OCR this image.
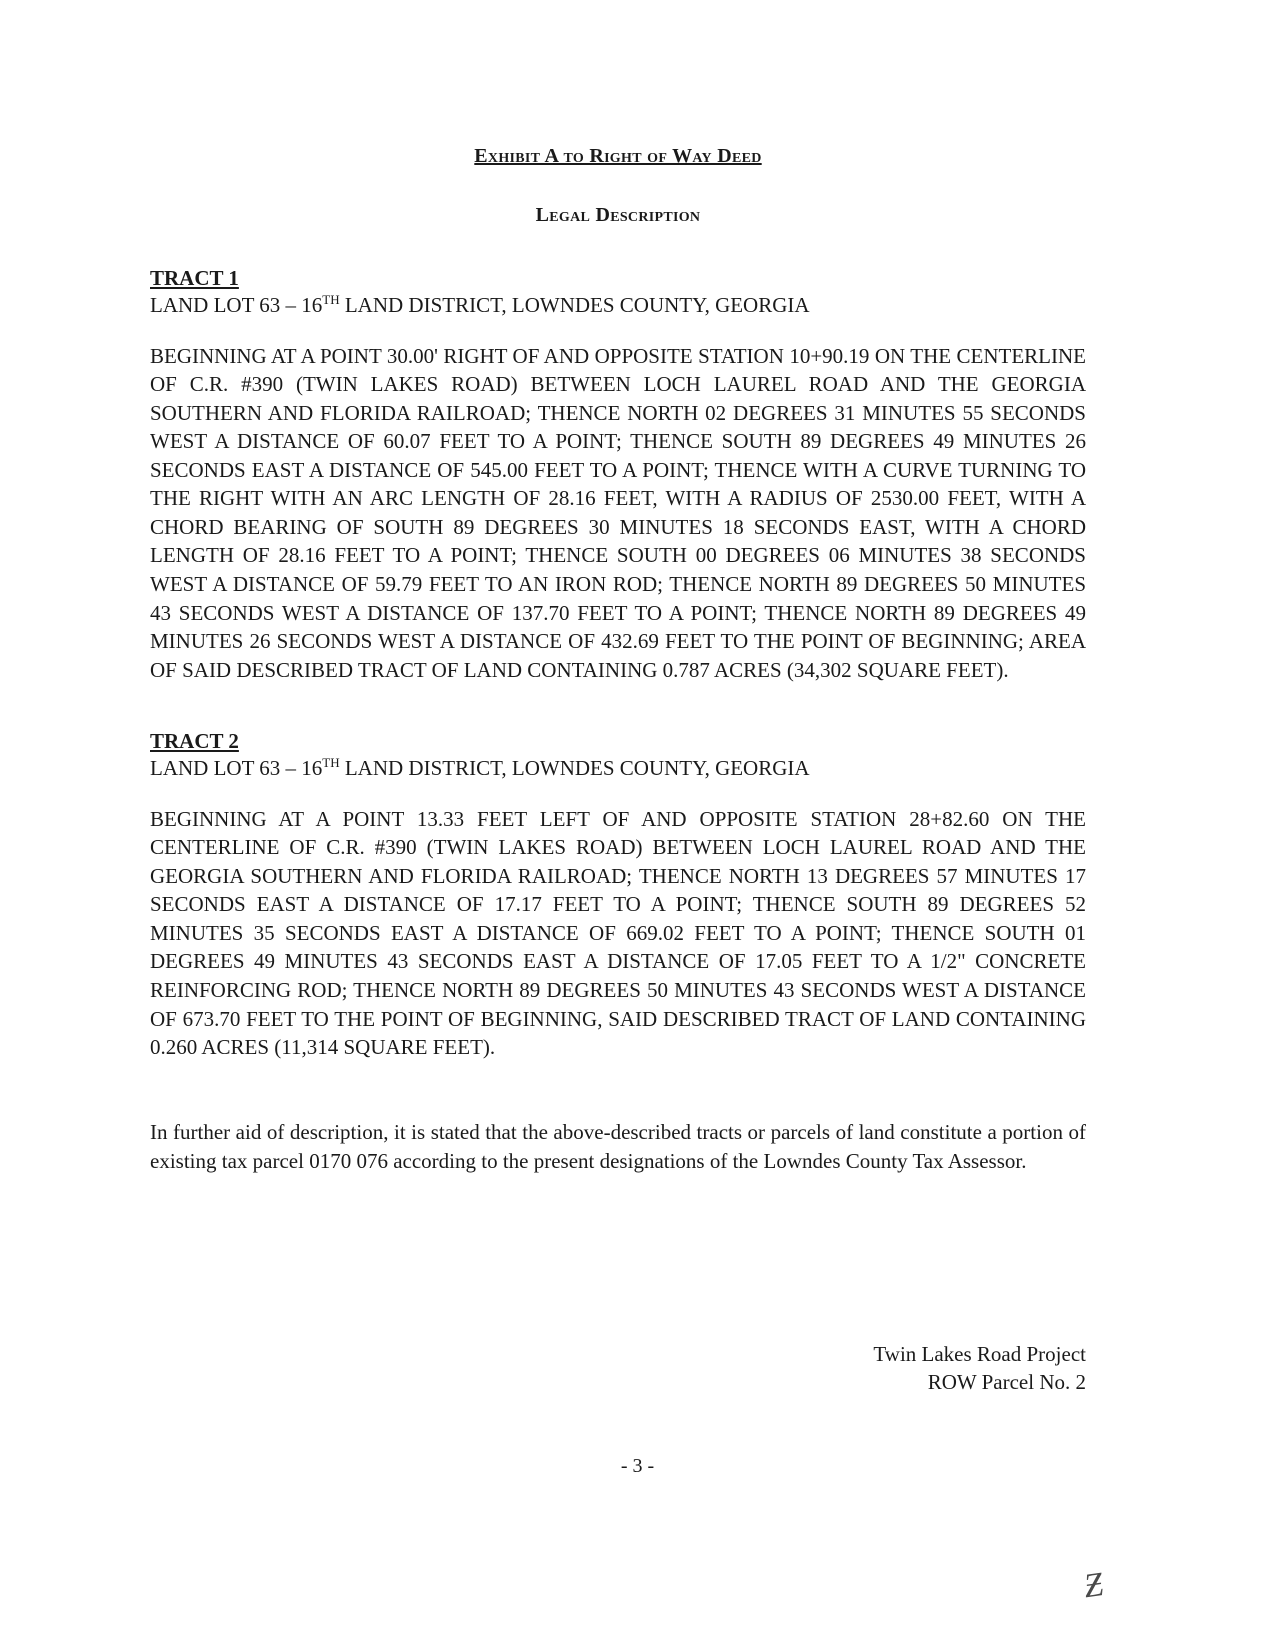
Exhibit A to Right of Way Deed
Legal Description
TRACT 1
LAND LOT 63 – 16TH LAND DISTRICT, LOWNDES COUNTY, GEORGIA

BEGINNING AT A POINT 30.00' RIGHT OF AND OPPOSITE STATION 10+90.19 ON THE CENTERLINE OF C.R. #390 (TWIN LAKES ROAD) BETWEEN LOCH LAUREL ROAD AND THE GEORGIA SOUTHERN AND FLORIDA RAILROAD; THENCE NORTH 02 DEGREES 31 MINUTES 55 SECONDS WEST A DISTANCE OF 60.07 FEET TO A POINT; THENCE SOUTH 89 DEGREES 49 MINUTES 26 SECONDS EAST A DISTANCE OF 545.00 FEET TO A POINT; THENCE WITH A CURVE TURNING TO THE RIGHT WITH AN ARC LENGTH OF 28.16 FEET, WITH A RADIUS OF 2530.00 FEET, WITH A CHORD BEARING OF SOUTH 89 DEGREES 30 MINUTES 18 SECONDS EAST, WITH A CHORD LENGTH OF 28.16 FEET TO A POINT; THENCE SOUTH 00 DEGREES 06 MINUTES 38 SECONDS WEST A DISTANCE OF 59.79 FEET TO AN IRON ROD; THENCE NORTH 89 DEGREES 50 MINUTES 43 SECONDS WEST A DISTANCE OF 137.70 FEET TO A POINT; THENCE NORTH 89 DEGREES 49 MINUTES 26 SECONDS WEST A DISTANCE OF 432.69 FEET TO THE POINT OF BEGINNING; AREA OF SAID DESCRIBED TRACT OF LAND CONTAINING 0.787 ACRES (34,302 SQUARE FEET).

TRACT 2
LAND LOT 63 – 16TH LAND DISTRICT, LOWNDES COUNTY, GEORGIA

BEGINNING AT A POINT 13.33 FEET LEFT OF AND OPPOSITE STATION 28+82.60 ON THE CENTERLINE OF C.R. #390 (TWIN LAKES ROAD) BETWEEN LOCH LAUREL ROAD AND THE GEORGIA SOUTHERN AND FLORIDA RAILROAD; THENCE NORTH 13 DEGREES 57 MINUTES 17 SECONDS EAST A DISTANCE OF 17.17 FEET TO A POINT; THENCE SOUTH 89 DEGREES 52 MINUTES 35 SECONDS EAST A DISTANCE OF 669.02 FEET TO A POINT; THENCE SOUTH 01 DEGREES 49 MINUTES 43 SECONDS EAST A DISTANCE OF 17.05 FEET TO A 1/2" CONCRETE REINFORCING ROD; THENCE NORTH 89 DEGREES 50 MINUTES 43 SECONDS WEST A DISTANCE OF 673.70 FEET TO THE POINT OF BEGINNING, SAID DESCRIBED TRACT OF LAND CONTAINING 0.260 ACRES (11,314 SQUARE FEET).

In further aid of description, it is stated that the above-described tracts or parcels of land constitute a portion of existing tax parcel 0170 076 according to the present designations of the Lowndes County Tax Assessor.

Twin Lakes Road Project
ROW Parcel No. 2
- 3 -
Ƶ
